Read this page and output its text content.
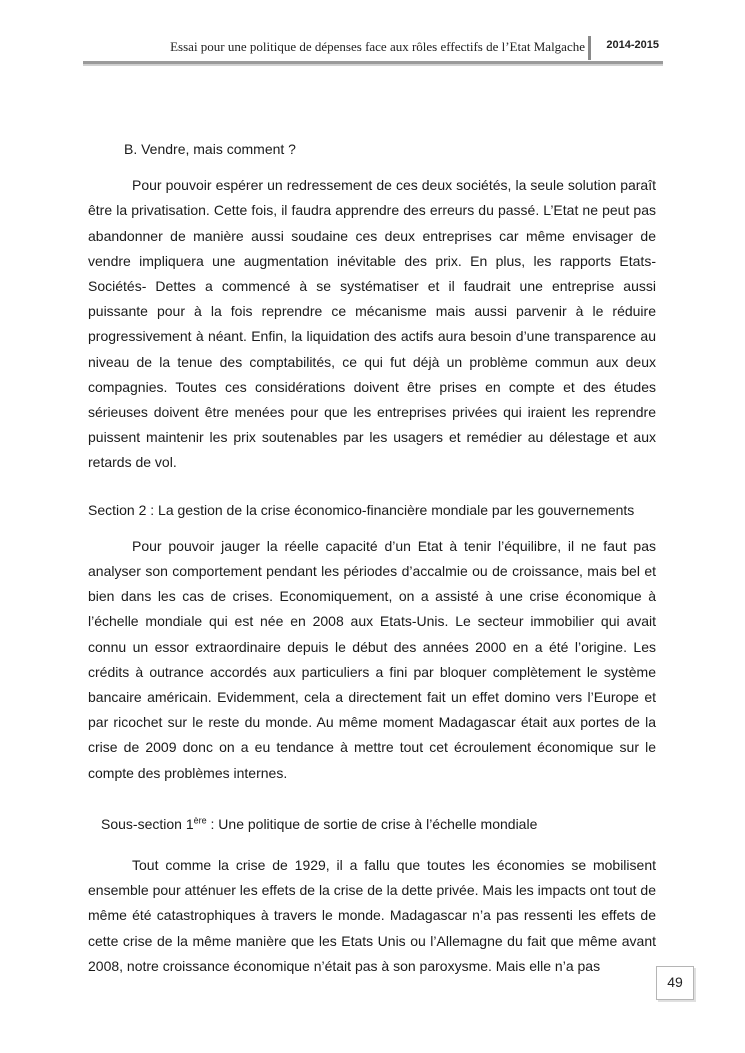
Essai pour une politique de dépenses face aux rôles effectifs de l’Etat Malgache 2014-2015

B. Vendre, mais comment ?

Pour pouvoir espérer un redressement de ces deux sociétés, la seule solution paraît être la privatisation. Cette fois, il faudra apprendre des erreurs du passé. L’Etat ne peut pas abandonner de manière aussi soudaine ces deux entreprises car même envisager de vendre impliquera une augmentation inévitable des prix. En plus, les rapports Etats- Sociétés- Dettes a commencé à se systématiser et il faudrait une entreprise aussi puissante pour à la fois reprendre ce mécanisme mais aussi parvenir à le réduire progressivement à néant. Enfin, la liquidation des actifs aura besoin d’une transparence au niveau de la tenue des comptabilités, ce qui fut déjà un problème commun aux deux compagnies. Toutes ces considérations doivent être prises en compte et des études sérieuses doivent être menées pour que les entreprises privées qui iraient les reprendre puissent maintenir les prix soutenables par les usagers et remédier au délestage et aux retards de vol.

Section 2 : La gestion de la crise économico-financière mondiale par les gouvernements

Pour pouvoir jauger la réelle capacité d’un Etat à tenir l’équilibre, il ne faut pas analyser son comportement pendant les périodes d’accalmie ou de croissance, mais bel et bien dans les cas de crises. Economiquement, on a assisté à une crise économique à l’échelle mondiale qui est née en 2008 aux Etats-Unis. Le secteur immobilier qui avait connu un essor extraordinaire depuis le début des années 2000 en a été l’origine. Les crédits à outrance accordés aux particuliers a fini par bloquer complètement le système bancaire américain. Evidemment, cela a directement fait un effet domino vers l’Europe et par ricochet sur le reste du monde. Au même moment Madagascar était aux portes de la crise de 2009 donc on a eu tendance à mettre tout cet écroulement économique sur le compte des problèmes internes.

Sous-section 1ère : Une politique de sortie de crise à l’échelle mondiale

Tout comme la crise de 1929, il a fallu que toutes les économies se mobilisent ensemble pour atténuer les effets de la crise de la dette privée. Mais les impacts ont tout de même été catastrophiques à travers le monde. Madagascar n’a pas ressenti les effets de cette crise de la même manière que les Etats Unis ou l’Allemagne du fait que même avant 2008, notre croissance économique n’était pas à son paroxysme. Mais elle n’a pas

49
